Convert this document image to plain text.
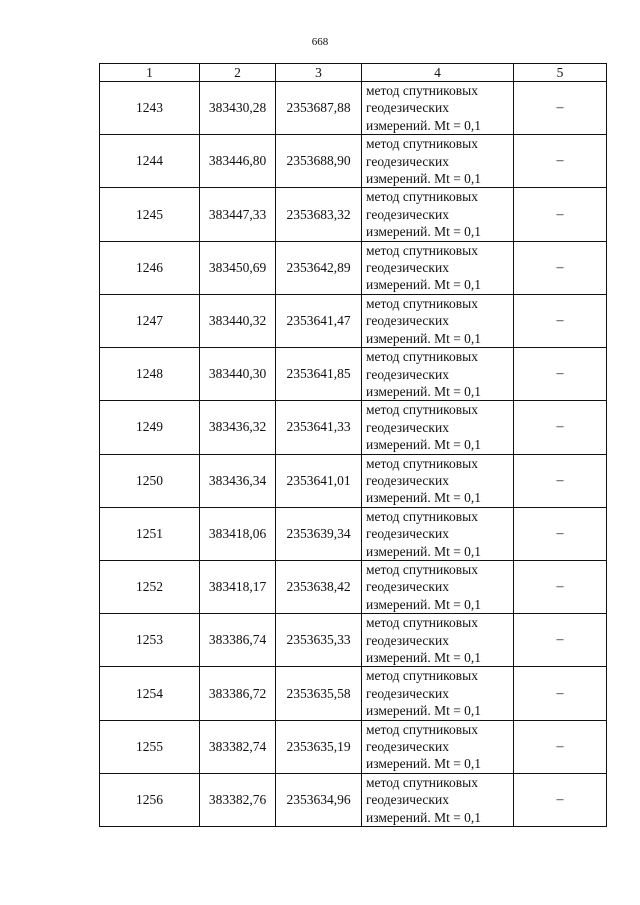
668
1	2	3	4	5
1243	383430,28	2353687,88	метод спутниковых
геодезических
измерений. Mt = 0,1	–
1244	383446,80	2353688,90	метод спутниковых
геодезических
измерений. Mt = 0,1	–
1245	383447,33	2353683,32	метод спутниковых
геодезических
измерений. Mt = 0,1	–
1246	383450,69	2353642,89	метод спутниковых
геодезических
измерений. Mt = 0,1	–
1247	383440,32	2353641,47	метод спутниковых
геодезических
измерений. Mt = 0,1	–
1248	383440,30	2353641,85	метод спутниковых
геодезических
измерений. Mt = 0,1	–
1249	383436,32	2353641,33	метод спутниковых
геодезических
измерений. Mt = 0,1	–
1250	383436,34	2353641,01	метод спутниковых
геодезических
измерений. Mt = 0,1	–
1251	383418,06	2353639,34	метод спутниковых
геодезических
измерений. Mt = 0,1	–
1252	383418,17	2353638,42	метод спутниковых
геодезических
измерений. Mt = 0,1	–
1253	383386,74	2353635,33	метод спутниковых
геодезических
измерений. Mt = 0,1	–
1254	383386,72	2353635,58	метод спутниковых
геодезических
измерений. Mt = 0,1	–
1255	383382,74	2353635,19	метод спутниковых
геодезических
измерений. Mt = 0,1	–
1256	383382,76	2353634,96	метод спутниковых
геодезических
измерений. Mt = 0,1	–
